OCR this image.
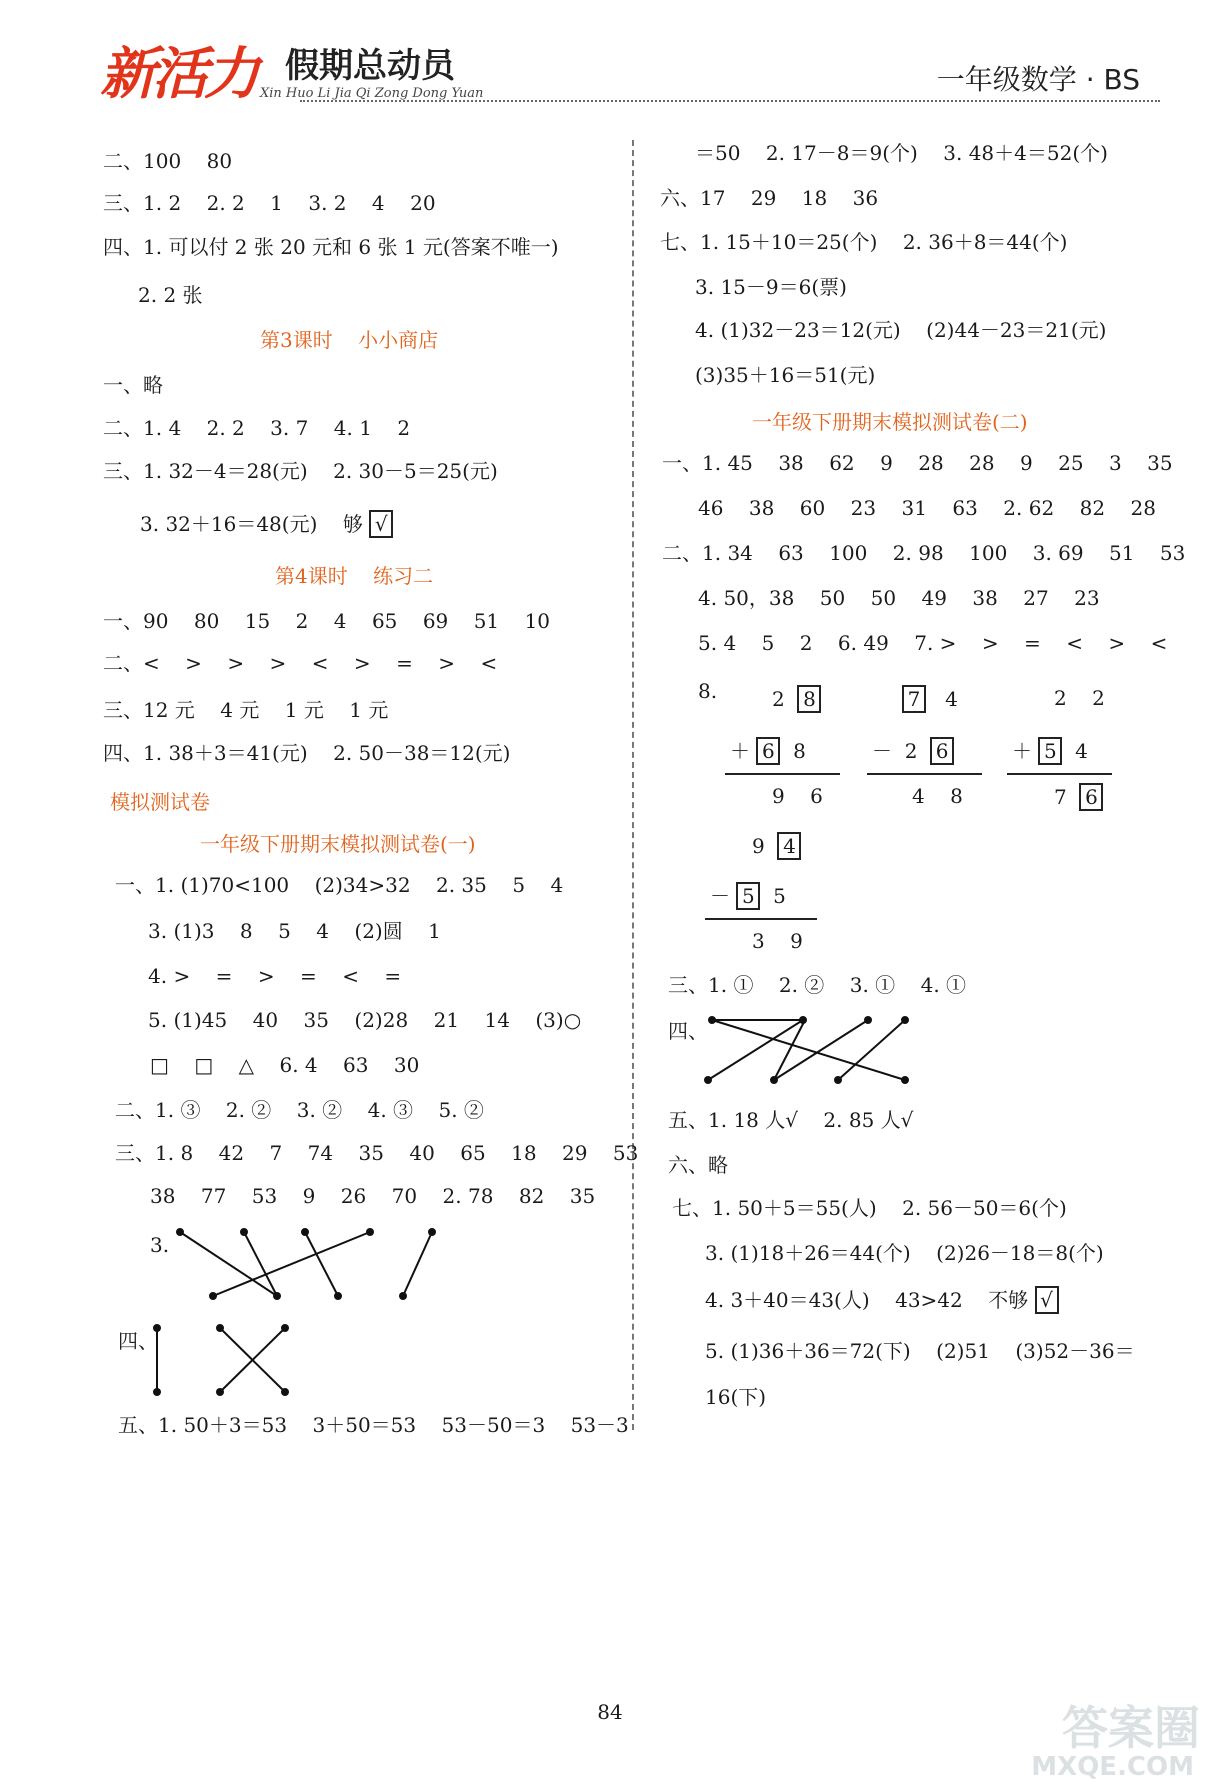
新活力 假期总动员
Xin Huo Li Jia Qi Zong Dong Yuan	一年级数学 · BS
二、100    80
三、1. 2    2. 2    1    3. 2    4    20
四、1. 可以付 2 张 20 元和 6 张 1 元(答案不唯一)
2. 2 张
第3课时    小小商店
一、略
二、1. 4    2. 2    3. 7    4. 1    2
三、1. 32－4＝28(元)    2. 30－5＝25(元)
3. 32＋16＝48(元)    够 √
第4课时    练习二
一、90    80    15    2    4    65    69    51    10
二、<    >    >    >    <    >    =    >    <
三、12 元    4 元    1 元    1 元
四、1. 38＋3＝41(元)    2. 50－38＝12(元)
模拟测试卷
一年级下册期末模拟测试卷(一)
一、1. (1)70<100    (2)34>32    2. 35    5    4
3. (1)3    8    5    4    (2)圆    1
4. >    =    >    =    <    =
5. (1)45    40    35    (2)28    21    14    (3)○
□    □    △    6. 4    63    30
二、1. ③    2. ②    3. ②    4. ③    5. ②
三、1. 8    42    7    74    35    40    65    18    29    53
38    77    53    9    26    70    2. 78    82    35
3.
四、
五、1. 50＋3＝53    3＋50＝53    53－50＝3    53－3
＝50    2. 17－8＝9(个)    3. 48＋4＝52(个)
六、17    29    18    36
七、1. 15＋10＝25(个)    2. 36＋8＝44(个)
3. 15－9＝6(票)
4. (1)32－23＝12(元)    (2)44－23＝21(元)
(3)35＋16＝51(元)
一年级下册期末模拟测试卷(二)
一、1. 45    38    62    9    28    28    9    25    3    35
46    38    60    23    31    63    2. 62    82    28
二、1. 34    63    100    2. 98    100    3. 69    51    53
4. 50，38    50    50    49    38    27    23
5. 4    5    2    6. 49    7. >    >    =    <    >    <
8.	2 8
＋ 6 8
9    6
7 4
－ 2 6
4    8
2    2
＋ 5 4
7 6
9 4
－ 5 5
3    9
三、1. ①    2. ②    3. ①    4. ①
四、
五、1. 18 人√    2. 85 人√
六、略
七、1. 50＋5＝55(人)    2. 56－50＝6(个)
3. (1)18＋26＝44(个)    (2)26－18＝8(个)
4. 3＋40＝43(人)    43>42    不够 √
5. (1)36＋36＝72(下)    (2)51    (3)52－36＝
16(下)
84	答案圈
MXQE.COM
